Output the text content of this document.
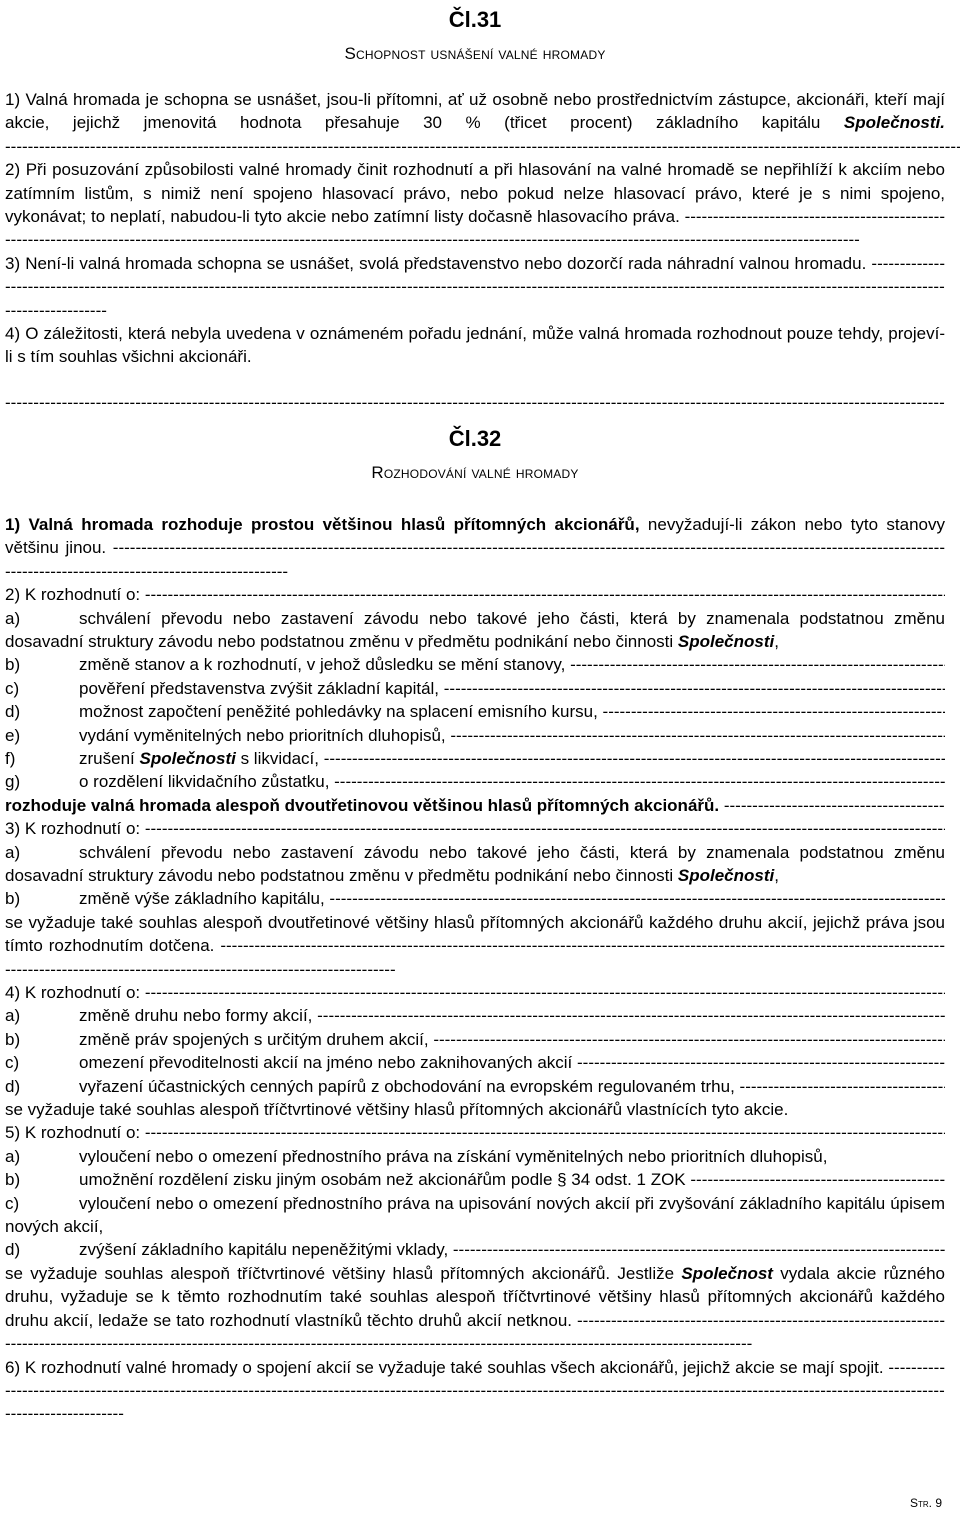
Čl.31
Schopnost usnášení valné hromady

1) Valná hromada je schopna se usnášet, jsou-li přítomni, ať už osobně nebo prostřednictvím zástupce, akcionáři, kteří mají akcie, jejichž jmenovitá hodnota přesahuje 30 % (třicet procent) základního kapitálu Společnosti. -----

2) Při posuzování způsobilosti valné hromady činit rozhodnutí a při hlasování na valné hromadě se nepřihlíží k akciím nebo zatímním listům, s nimiž není spojeno hlasovací právo, nebo pokud nelze hlasovací právo, které je s nimi spojeno, vykonávat; to neplatí, nabudou-li tyto akcie nebo zatímní listy dočasně hlasovacího práva. -----

3) Není-li valná hromada schopna se usnášet, svolá představenstvo nebo dozorčí rada náhradní valnou hromadu. -----

4) O záležitosti, která nebyla uvedena v oznámeném pořadu jednání, může valná hromada rozhodnout pouze tehdy, projeví-li s tím souhlas všichni akcionáři.

-----
Čl.32
Rozhodování valné hromady

1) Valná hromada rozhoduje prostou většinou hlasů přítomných akcionářů, nevyžadují-li zákon nebo tyto stanovy většinu jinou. -----

2) K rozhodnutí o: -----
a)	schválení převodu nebo zastavení závodu nebo takové jeho části, která by znamenala podstatnou změnu dosavadní struktury závodu nebo podstatnou změnu v předmětu podnikání nebo činnosti Společnosti,
b)	změně stanov a k rozhodnutí, v jehož důsledku se mění stanovy, -----
c)	pověření představenstva zvýšit základní kapitál, -----
d)	možnost započtení peněžité pohledávky na splacení emisního kursu, -----
e)	vydání vyměnitelných nebo prioritních dluhopisů, -----
f)	zrušení Společnosti s likvidací, -----
g)	o rozdělení likvidačního zůstatku, -----
rozhoduje valná hromada alespoň dvoutřetinovou většinou hlasů přítomných akcionářů. -----
3) K rozhodnutí o: -----
a)	schválení převodu nebo zastavení závodu nebo takové jeho části, která by znamenala podstatnou změnu dosavadní struktury závodu nebo podstatnou změnu v předmětu podnikání nebo činnosti Společnosti,
b)	změně výše základního kapitálu, -----

se vyžaduje také souhlas alespoň dvoutřetinové většiny hlasů přítomných akcionářů každého druhu akcií, jejichž práva jsou tímto rozhodnutím dotčena. -----

4) K rozhodnutí o: -----
a)	změně druhu nebo formy akcií, -----
b)	změně práv spojených s určitým druhem akcií, -----
c)	omezení převoditelnosti akcií na jméno nebo zaknihovaných akcií -----
d)	vyřazení účastnických cenných papírů z obchodování na evropském regulovaném trhu, -----
se vyžaduje také souhlas alespoň tříčtvrtinové většiny hlasů přítomných akcionářů vlastnících tyto akcie.
5) K rozhodnutí o: -----
a)	vyloučení nebo o omezení přednostního práva na získání vyměnitelných nebo prioritních dluhopisů,
b)	umožnění rozdělení zisku jiným osobám než akcionářům podle § 34 odst. 1 ZOK -----
c)	vyloučení nebo o omezení přednostního práva na upisování nových akcií při zvyšování základního kapitálu úpisem nových akcií,
d)	zvýšení základního kapitálu nepeněžitými vklady, -----

se vyžaduje souhlas alespoň tříčtvrtinové většiny hlasů přítomných akcionářů. Jestliže Společnost vydala akcie různého druhu, vyžaduje se k těmto rozhodnutím také souhlas alespoň tříčtvrtinové většiny hlasů přítomných akcionářů každého druhu akcií, ledaže se tato rozhodnutí vlastníků těchto druhů akcií netknou. -----

6) K rozhodnutí valné hromady o spojení akcií se vyžaduje také souhlas všech akcionářů, jejichž akcie se mají spojit. -----

Str. 9
